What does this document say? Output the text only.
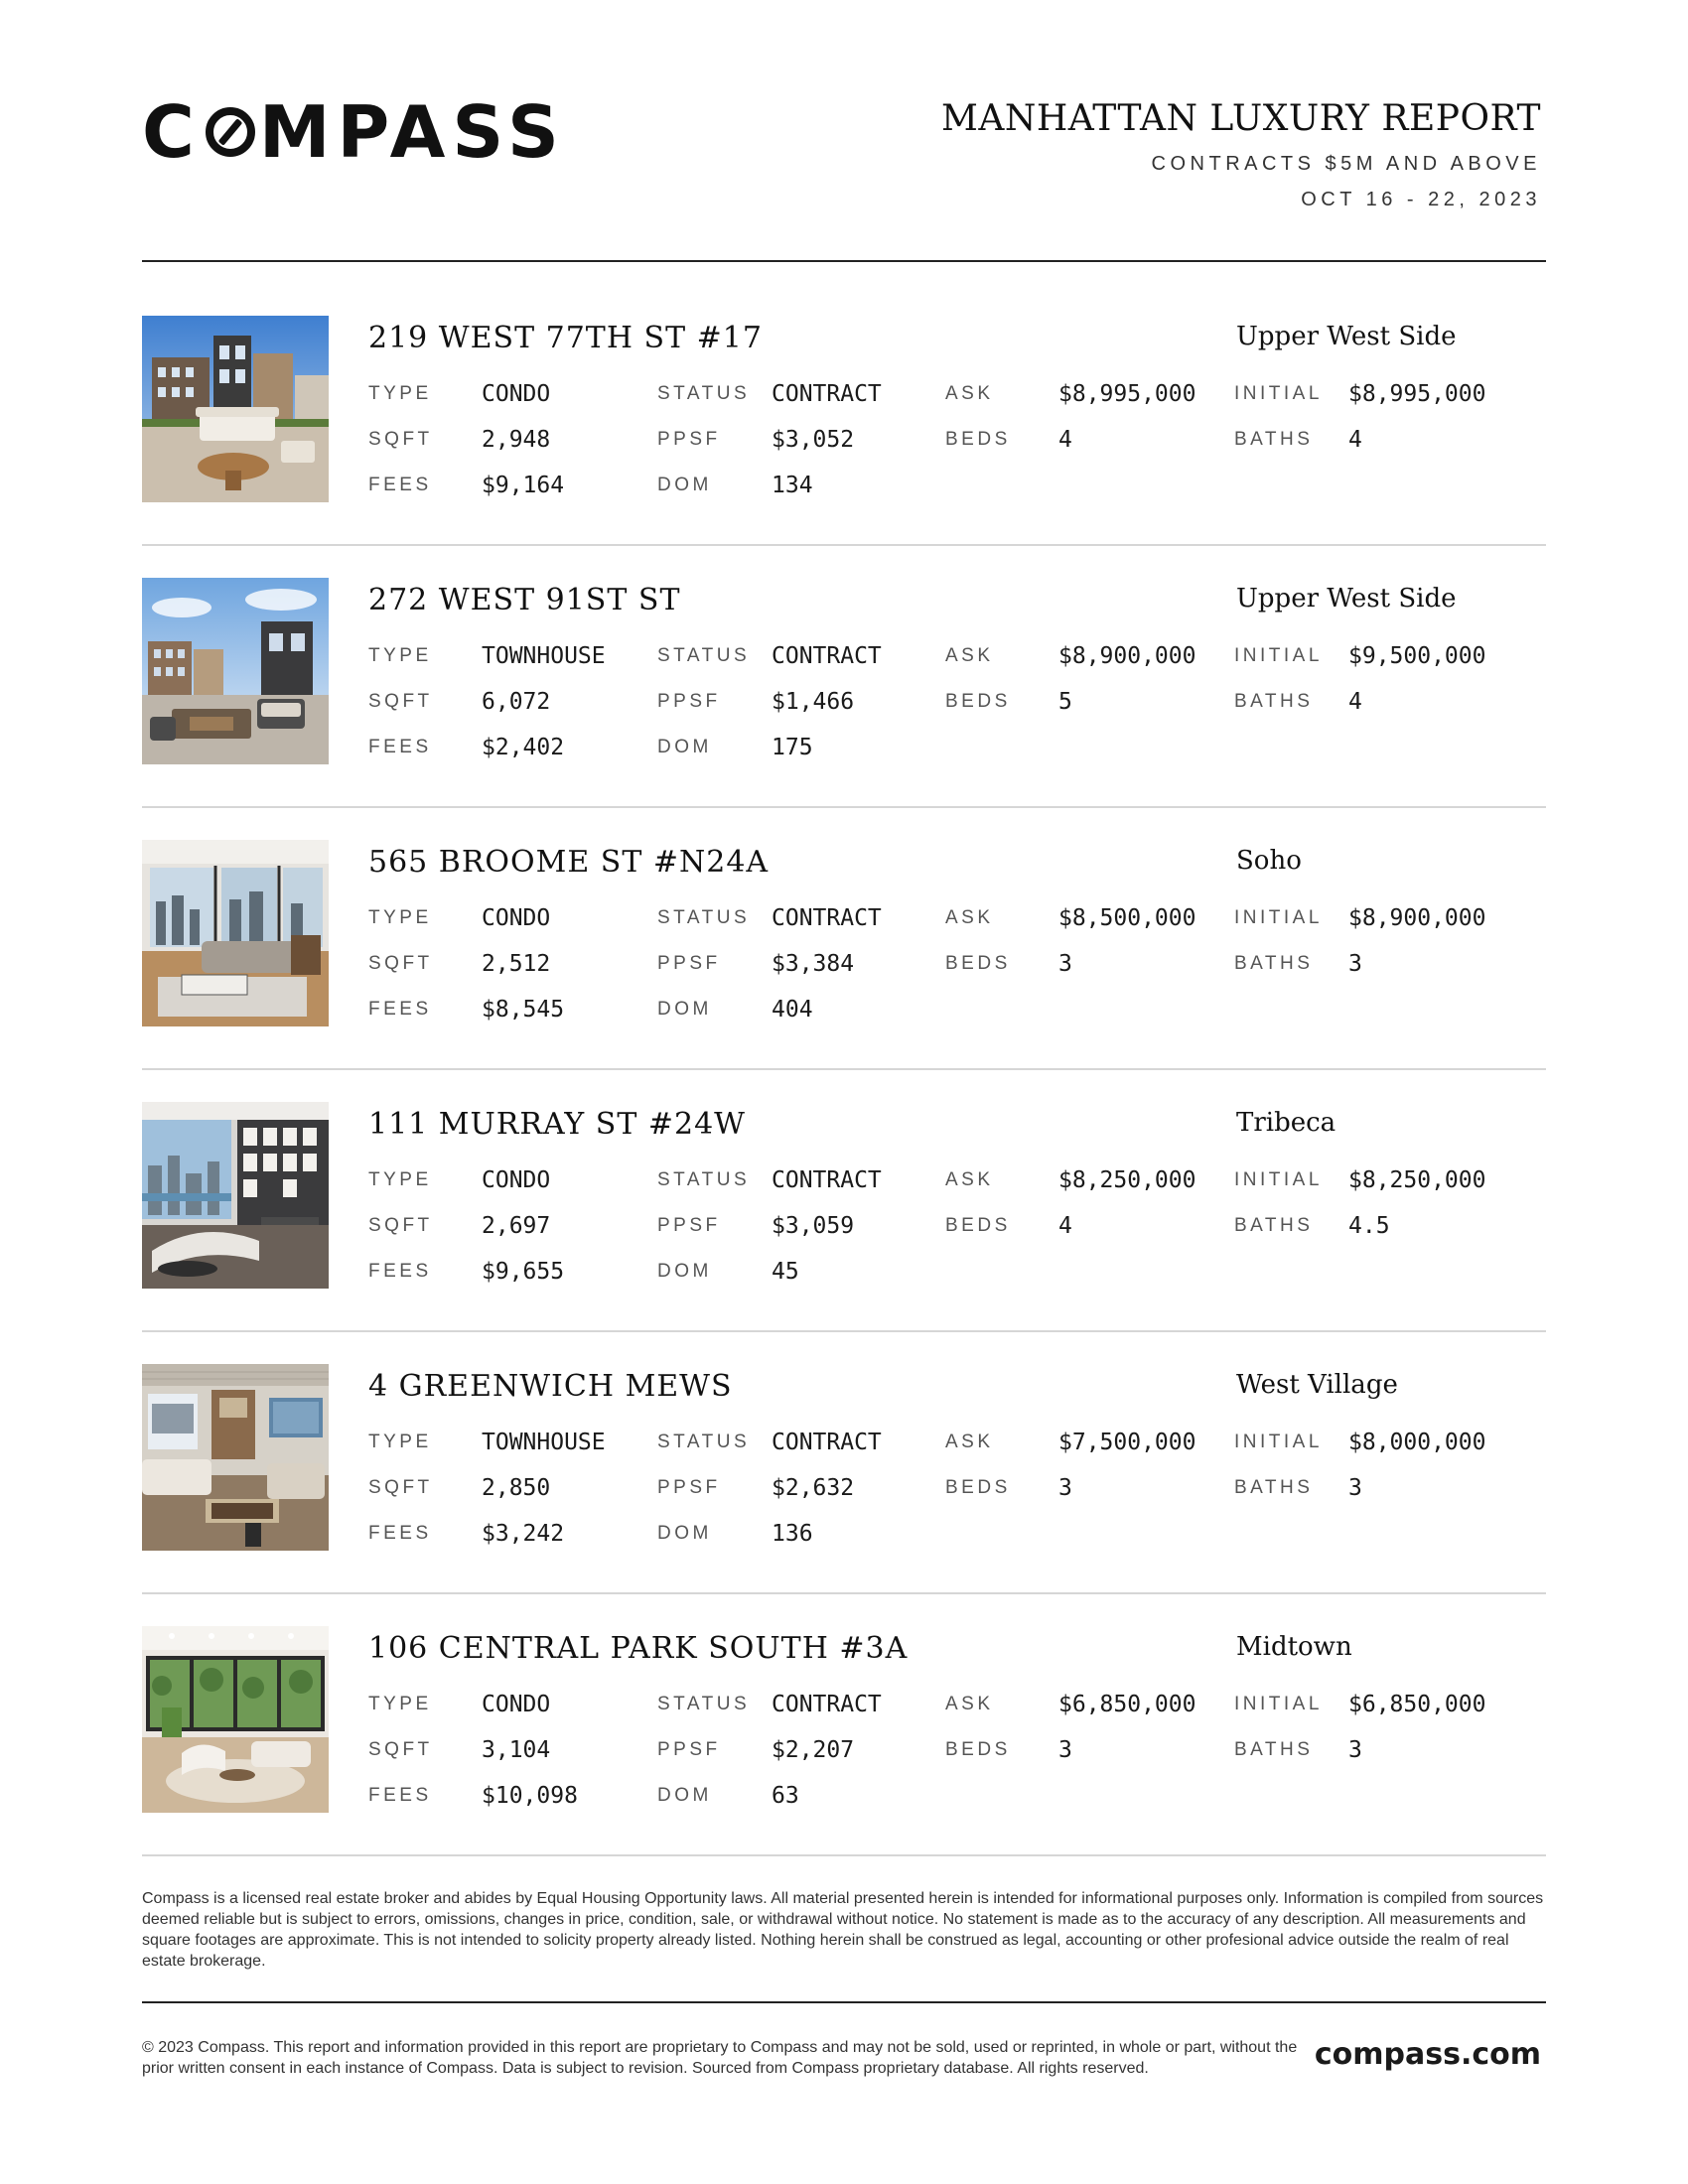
C MPASS	MANHATTAN LUXURY REPORT
CONTRACTS $5M AND ABOVE
OCT 16 - 22, 2023
219 WEST 77TH ST #17	Upper West Side
TYPE CONDO	STATUS CONTRACT	ASK	$8,995,000 INITIAL $8,995,000
SQFT 2,948	PPSF $3,052	BEDS 4	BATHS 4
FEES $9,164	DOM	134
272 WEST 91ST ST	Upper West Side
TYPE TOWNHOUSE	STATUS CONTRACT	ASK	$8,900,000 INITIAL $9,500,000
SQFT 6,072	PPSF $1,466	BEDS 5	BATHS 4
FEES $2,402	DOM	175
565 BROOME ST #N24A	Soho
TYPE CONDO	STATUS CONTRACT	ASK	$8,500,000 INITIAL $8,900,000
SQFT 2,512	PPSF $3,384	BEDS 3	BATHS 3
FEES $8,545	DOM	404
111 MURRAY ST #24W	Tribeca
TYPE CONDO	STATUS CONTRACT	ASK	$8,250,000 INITIAL $8,250,000
SQFT 2,697	PPSF $3,059	BEDS 4	BATHS 4.5
FEES $9,655	DOM	45
4 GREENWICH MEWS	West Village
TYPE TOWNHOUSE	STATUS CONTRACT	ASK	$7,500,000 INITIAL $8,000,000
SQFT 2,850	PPSF $2,632	BEDS 3	BATHS 3
FEES $3,242	DOM	136
106 CENTRAL PARK SOUTH #3A	Midtown
TYPE CONDO	STATUS CONTRACT	ASK	$6,850,000 INITIAL $6,850,000
SQFT 3,104	PPSF $2,207	BEDS 3	BATHS 3
FEES $10,098	DOM	63
Compass is a licensed real estate broker and abides by Equal Housing Opportunity laws. All material presented herein is intended for informational purposes only. Information is compiled from sources deemed reliable but is subject to errors, omissions, changes in price, condition, sale, or withdrawal without notice. No statement is made as to the accuracy of any description. All measurements and square footages are approximate. This is not intended to solicity property already listed. Nothing herein shall be construed as legal, accounting or other profesional advice outside the realm of real estate brokerage.
© 2023 Compass. This report and information provided in this report are proprietary to Compass and may not be sold, used or reprinted, in whole or part, without the prior written consent in each instance of Compass. Data is subject to revision. Sourced from Compass proprietary database. All rights reserved.	compass.com
